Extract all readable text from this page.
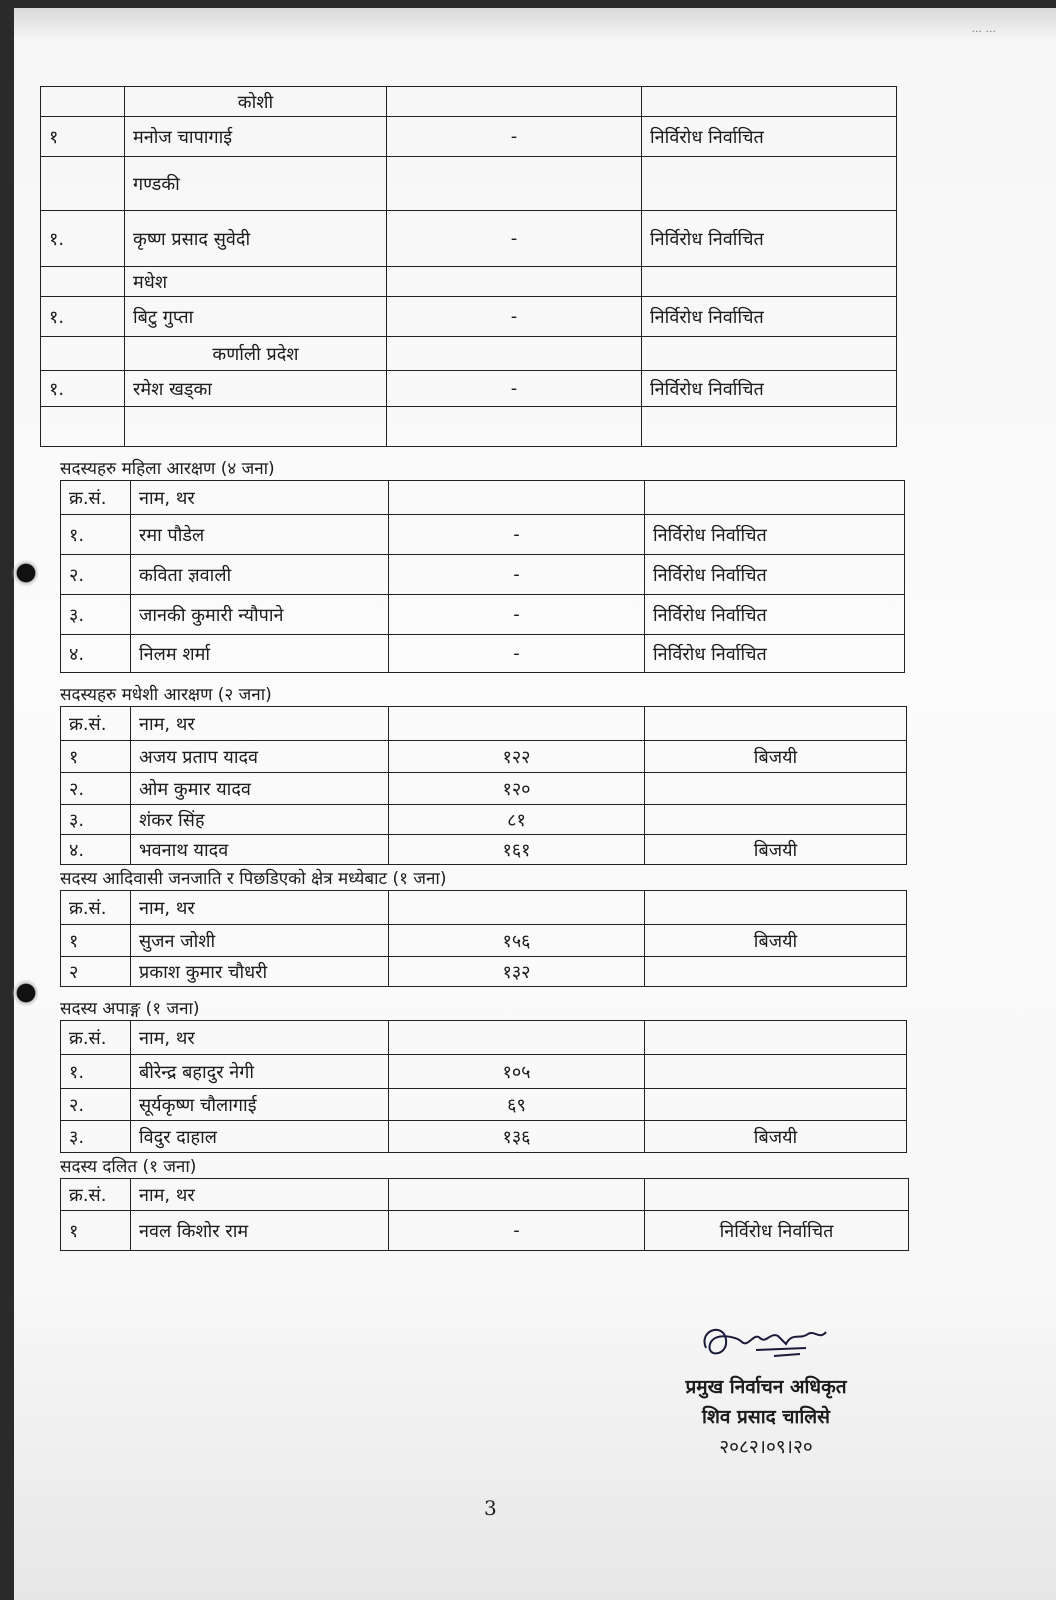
... ...
	कोशी		
१	मनोज चापागाई	-	निर्विरोध निर्वाचित
	गण्डकी		
१.	कृष्ण प्रसाद सुवेदी	-	निर्विरोध निर्वाचित
	मधेश		
१.	बिटु गुप्ता	-	निर्विरोध निर्वाचित
	कर्णाली प्रदेश		
१.	रमेश खड्का	-	निर्विरोध निर्वाचित

सदस्यहरु महिला आरक्षण (४ जना)
क्र.सं.	नाम, थर		
१.	रमा पौडेल	-	निर्विरोध निर्वाचित
२.	कविता ज्ञवाली	-	निर्विरोध निर्वाचित
३.	जानकी कुमारी न्यौपाने	-	निर्विरोध निर्वाचित
४.	निलम शर्मा	-	निर्विरोध निर्वाचित
सदस्यहरु मधेशी आरक्षण (२ जना)
क्र.सं.	नाम, थर		
१	अजय प्रताप यादव	१२२	बिजयी
२.	ओम कुमार यादव	१२०	
३.	शंकर सिंह	८१	
४.	भवनाथ यादव	१६१	बिजयी
सदस्य आदिवासी जनजाति र पिछडिएको क्षेत्र मध्येबाट (१ जना)
क्र.सं.	नाम, थर		
१	सुजन जोशी	१५६	बिजयी
२	प्रकाश कुमार चौधरी	१३२	
सदस्य अपाङ्ग (१ जना)
क्र.सं.	नाम, थर		
१.	बीरेन्द्र बहादुर नेगी	१०५	
२.	सूर्यकृष्ण चौलागाई	६९	
३.	विदुर दाहाल	१३६	बिजयी
सदस्य दलित (१ जना)
क्र.सं.	नाम, थर		
१	नवल किशोर राम	-	निर्विरोध निर्वाचित
प्रमुख निर्वाचन अधिकृत
शिव प्रसाद चालिसे
२०८२।०९।२०
3
